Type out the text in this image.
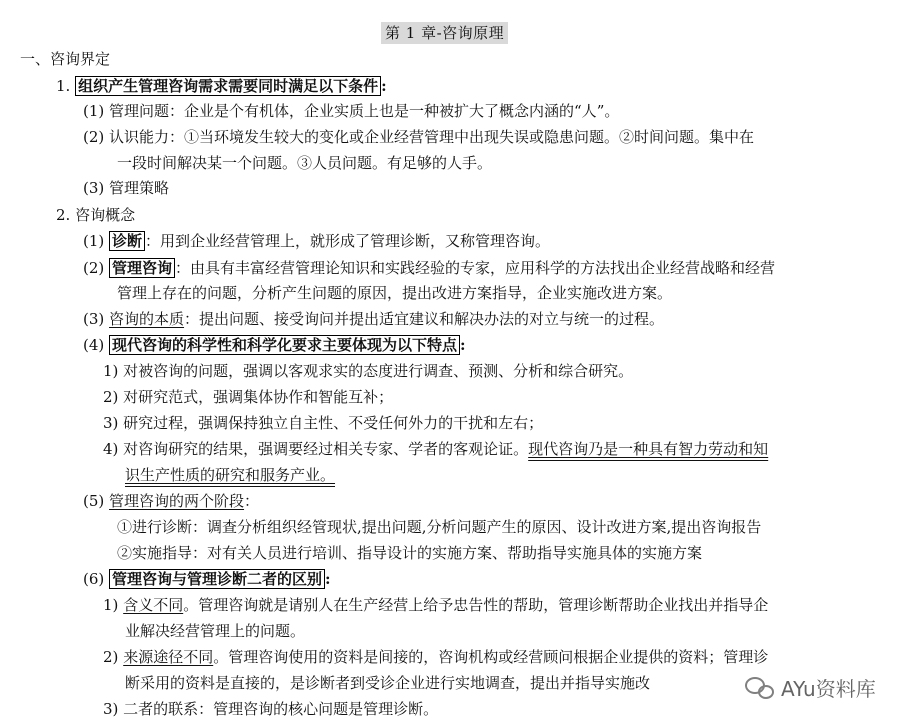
第 1 章-咨询原理
一、咨询界定
1. 组织产生管理咨询需求需要同时满足以下条件 :
(1) 管理问题：企业是个有机体，企业实质上也是一种被扩大了概念内涵的“人”。
(2) 认识能力：①当环境发生较大的变化或企业经营管理中出现失误或隐患问题。②时间问题。集中在
一段时间解决某一个问题。③人员问题。有足够的人手。
(3) 管理策略
2. 咨询概念
(1) 诊断 ：用到企业经营管理上，就形成了管理诊断，又称管理咨询。
(2) 管理咨询 ：由具有丰富经营管理论知识和实践经验的专家，应用科学的方法找出企业经营战略和经营
管理上存在的问题，分析产生问题的原因，提出改进方案指导，企业实施改进方案。
(3) 咨询的本质：提出问题、接受询问并提出适宜建议和解决办法的对立与统一的过程。
(4) 现代咨询的科学性和科学化要求主要体现为以下特点 :
1) 对被咨询的问题，强调以客观求实的态度进行调查、预测、分析和综合研究。
2) 对研究范式，强调集体协作和智能互补；
3) 研究过程，强调保持独立自主性、不受任何外力的干扰和左右；
4) 对咨询研究的结果，强调要经过相关专家、学者的客观论证。现代咨询乃是一种具有智力劳动和知
识生产性质的研究和服务产业。
(5) 管理咨询的两个阶段：
①进行诊断：调查分析组织经管现状,提出问题,分析问题产生的原因、设计改进方案,提出咨询报告
②实施指导：对有关人员进行培训、指导设计的实施方案、帮助指导实施具体的实施方案
(6) 管理咨询与管理诊断二者的区别 :
1) 含义不同。管理咨询就是请别人在生产经营上给予忠告性的帮助，管理诊断帮助企业找出并指导企
业解决经营管理上的问题。
2) 来源途径不同。管理咨询使用的资料是间接的，咨询机构或经营顾问根据企业提供的资料；管理诊
断采用的资料是直接的，是诊断者到受诊企业进行实地调查，提出并指导实施改
3) 二者的联系：管理咨询的核心问题是管理诊断。
AYu资料库
